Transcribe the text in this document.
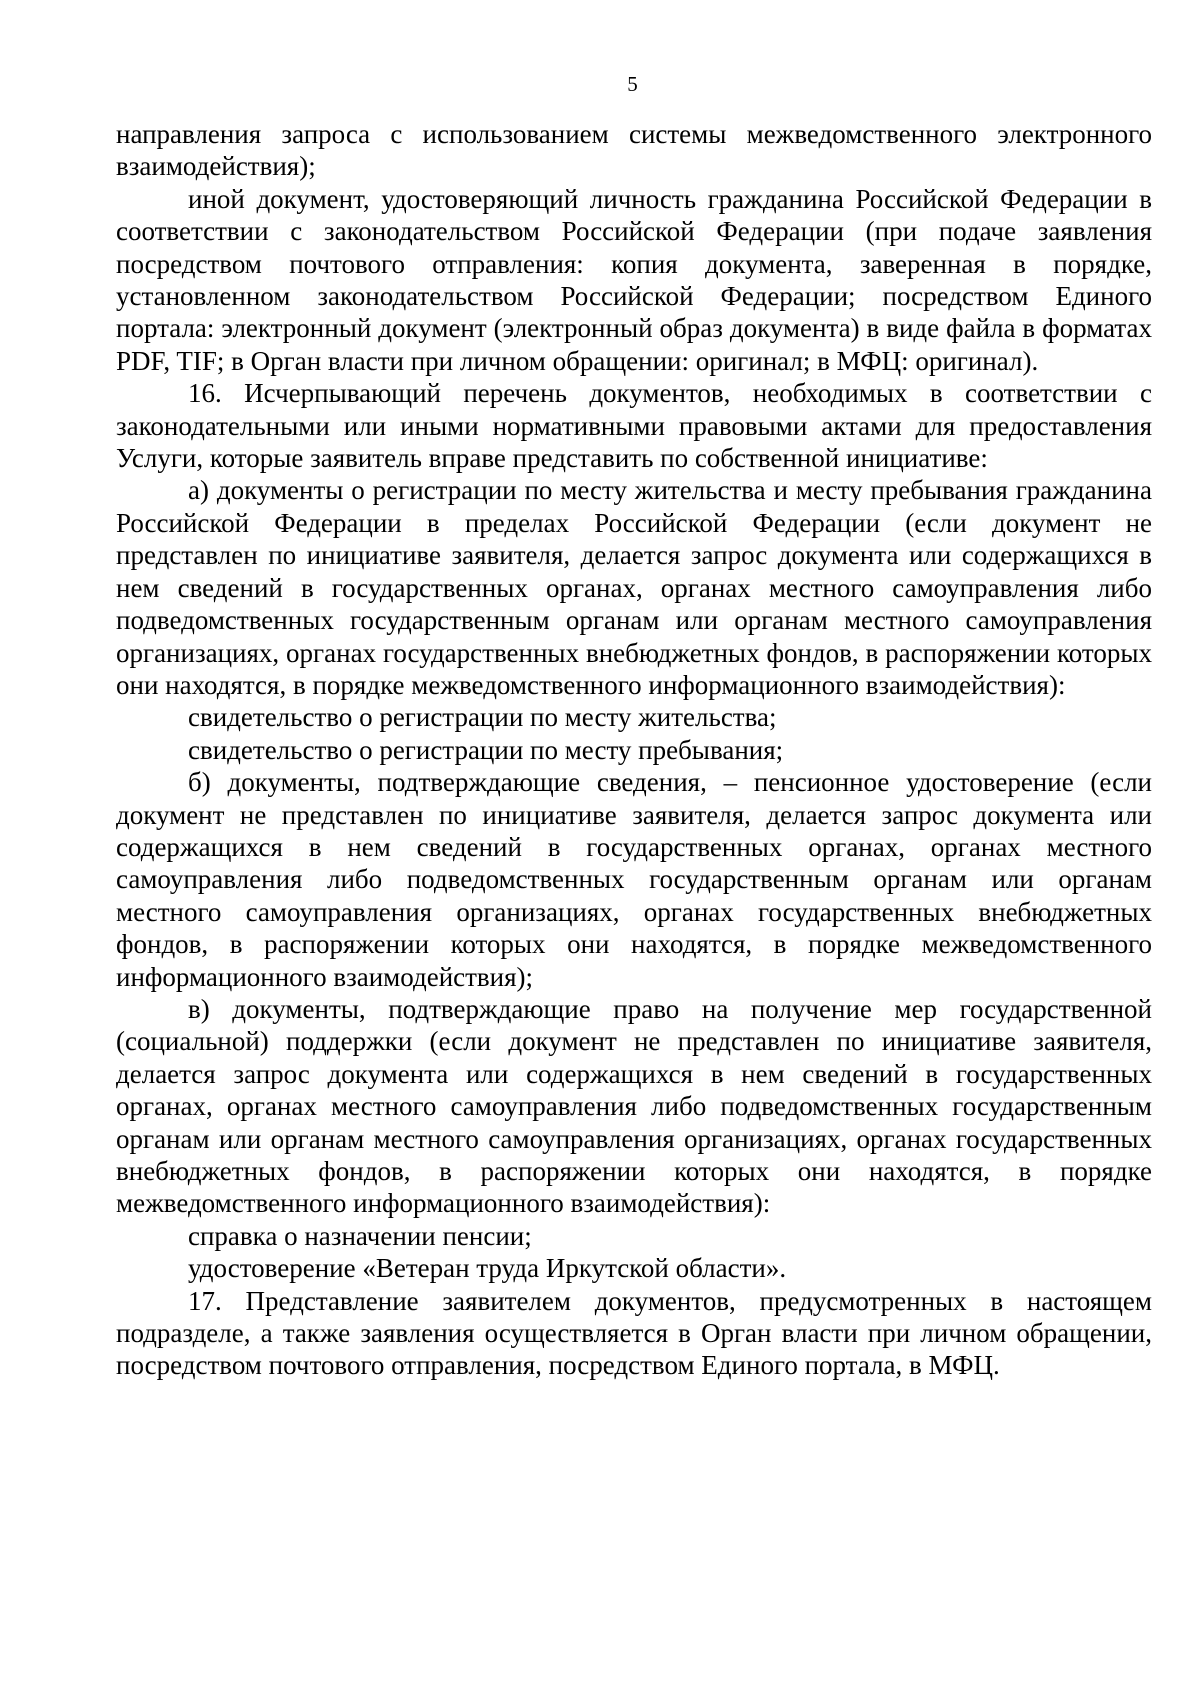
5

направления запроса с использованием системы межведомственного электронного взаимодействия);

иной документ, удостоверяющий личность гражданина Российской Федерации в соответствии с законодательством Российской Федерации (при подаче заявления посредством почтового отправления: копия документа, заверенная в порядке, установленном законодательством Российской Федерации; посредством Единого портала: электронный документ (электронный образ документа) в виде файла в форматах PDF, TIF; в Орган власти при личном обращении: оригинал; в МФЦ: оригинал).

16. Исчерпывающий перечень документов, необходимых в соответствии с законодательными или иными нормативными правовыми актами для предоставления Услуги, которые заявитель вправе представить по собственной инициативе:

а) документы о регистрации по месту жительства и месту пребывания гражданина Российской Федерации в пределах Российской Федерации (если документ не представлен по инициативе заявителя, делается запрос документа или содержащихся в нем сведений в государственных органах, органах местного самоуправления либо подведомственных государственным органам или органам местного самоуправления организациях, органах государственных внебюджетных фондов, в распоряжении которых они находятся, в порядке межведомственного информационного взаимодействия):

свидетельство о регистрации по месту жительства;

свидетельство о регистрации по месту пребывания;

б) документы, подтверждающие сведения, – пенсионное удостоверение (если документ не представлен по инициативе заявителя, делается запрос документа или содержащихся в нем сведений в государственных органах, органах местного самоуправления либо подведомственных государственным органам или органам местного самоуправления организациях, органах государственных внебюджетных фондов, в распоряжении которых они находятся, в порядке межведомственного информационного взаимодействия);

в) документы, подтверждающие право на получение мер государственной (социальной) поддержки (если документ не представлен по инициативе заявителя, делается запрос документа или содержащихся в нем сведений в государственных органах, органах местного самоуправления либо подведомственных государственным органам или органам местного самоуправления организациях, органах государственных внебюджетных фондов, в распоряжении которых они находятся, в порядке межведомственного информационного взаимодействия):

справка о назначении пенсии;

удостоверение «Ветеран труда Иркутской области».

17. Представление заявителем документов, предусмотренных в настоящем подразделе, а также заявления осуществляется в Орган власти при личном обращении, посредством почтового отправления, посредством Единого портала, в МФЦ.
